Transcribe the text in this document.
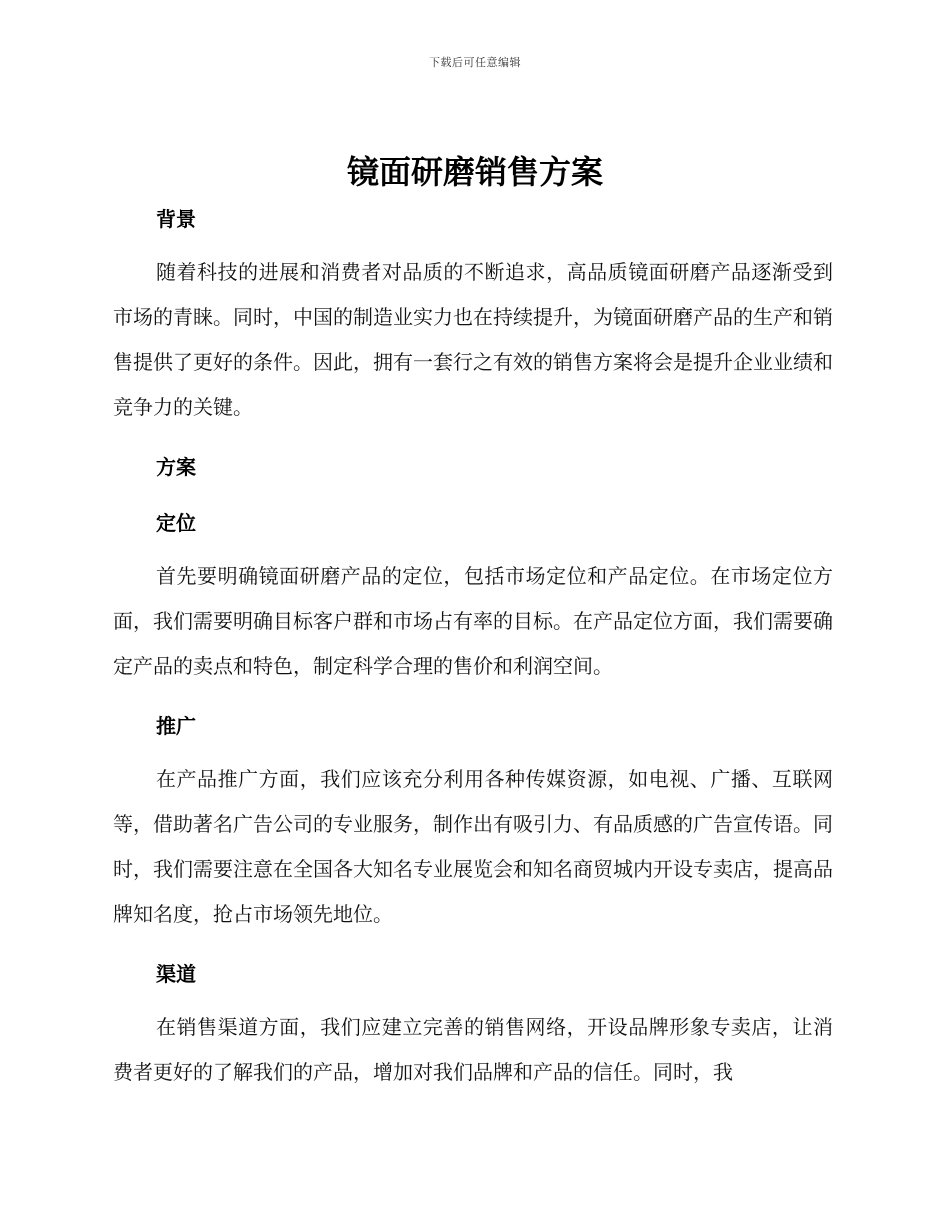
下载后可任意编辑
镜面研磨销售方案
背景

随着科技的进展和消费者对品质的不断追求，高品质镜面研磨产品逐渐受到市场的青睐。同时，中国的制造业实力也在持续提升，为镜面研磨产品的生产和销售提供了更好的条件。因此，拥有一套行之有效的销售方案将会是提升企业业绩和竞争力的关键。

方案
定位

首先要明确镜面研磨产品的定位，包括市场定位和产品定位。在市场定位方面，我们需要明确目标客户群和市场占有率的目标。在产品定位方面，我们需要确定产品的卖点和特色，制定科学合理的售价和利润空间。

推广

在产品推广方面，我们应该充分利用各种传媒资源，如电视、广播、互联网等，借助著名广告公司的专业服务，制作出有吸引力、有品质感的广告宣传语。同时，我们需要注意在全国各大知名专业展览会和知名商贸城内开设专卖店，提高品牌知名度，抢占市场领先地位。

渠道

在销售渠道方面，我们应建立完善的销售网络，开设品牌形象专卖店，让消费者更好的了解我们的产品，增加对我们品牌和产品的信任。同时，我
